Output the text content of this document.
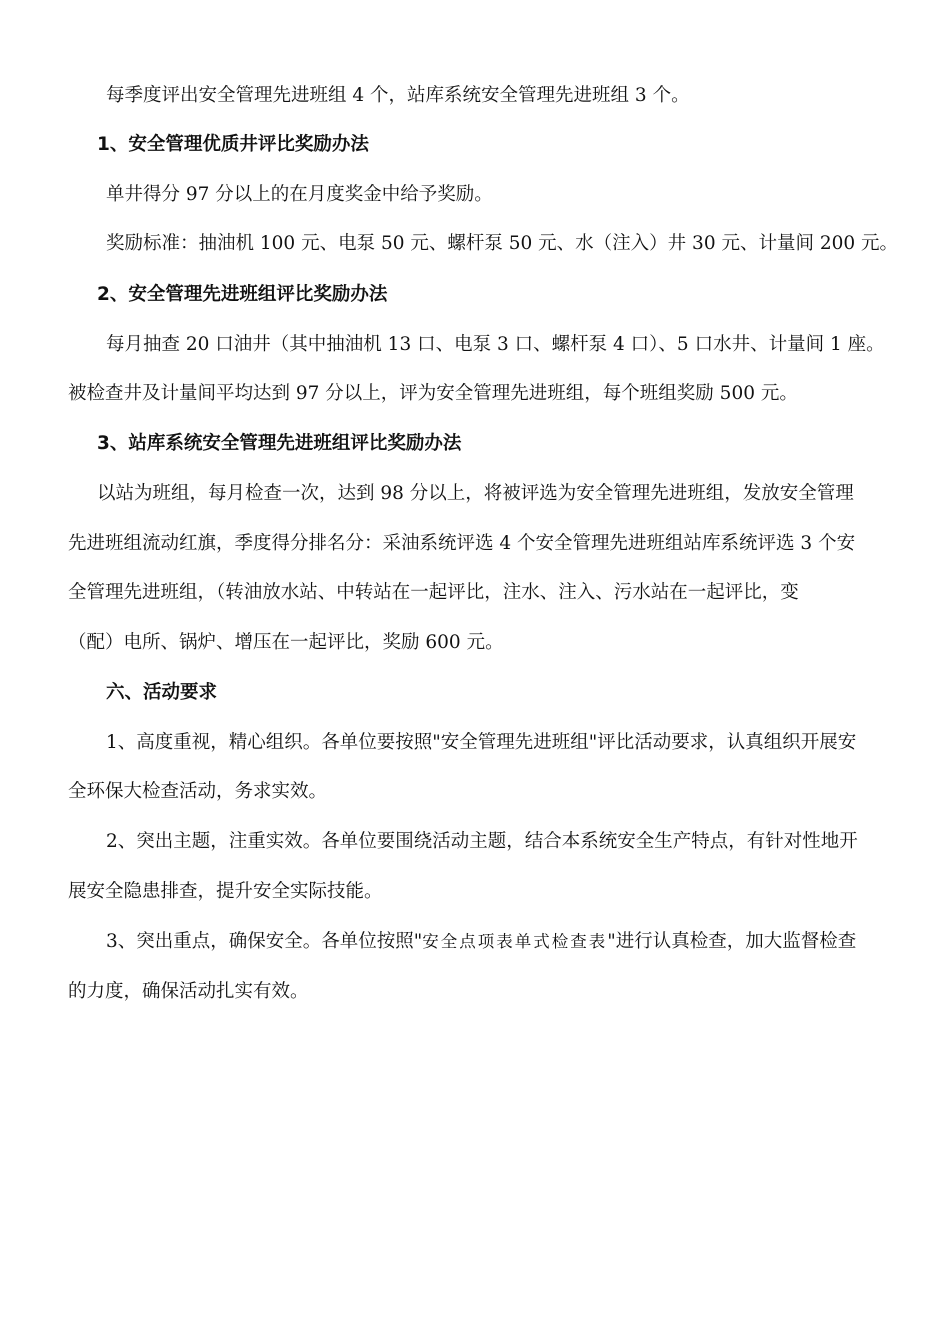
每季度评出安全管理先进班组 4 个，站库系统安全管理先进班组 3 个。
1、安全管理优质井评比奖励办法
单井得分 97 分以上的在月度奖金中给予奖励。
奖励标准：抽油机 100 元、电泵 50 元、螺杆泵 50 元、水（注入）井 30 元、计量间 200 元。
2、安全管理先进班组评比奖励办法
每月抽查 20 口油井（其中抽油机 13 口、电泵 3 口、螺杆泵 4 口）、5 口水井、计量间 1 座。
被检查井及计量间平均达到 97 分以上，评为安全管理先进班组，每个班组奖励 500 元。
3、站库系统安全管理先进班组评比奖励办法
以站为班组，每月检查一次，达到 98 分以上，将被评选为安全管理先进班组，发放安全管理
先进班组流动红旗，季度得分排名分：采油系统评选 4 个安全管理先进班组站库系统评选 3 个安
全管理先进班组，（转油放水站、中转站在一起评比，注水、注入、污水站在一起评比，变
（配）电所、锅炉、增压在一起评比，奖励 600 元。
六、活动要求
1、高度重视，精心组织。各单位要按照"安全管理先进班组"评比活动要求，认真组织开展安
全环保大检查活动，务求实效。
2、突出主题，注重实效。各单位要围绕活动主题，结合本系统安全生产特点，有针对性地开
展安全隐患排查，提升安全实际技能。
3、突出重点，确保安全。各单位按照"安全点项表单式检查表"进行认真检查，加大监督检查
的力度，确保活动扎实有效。
